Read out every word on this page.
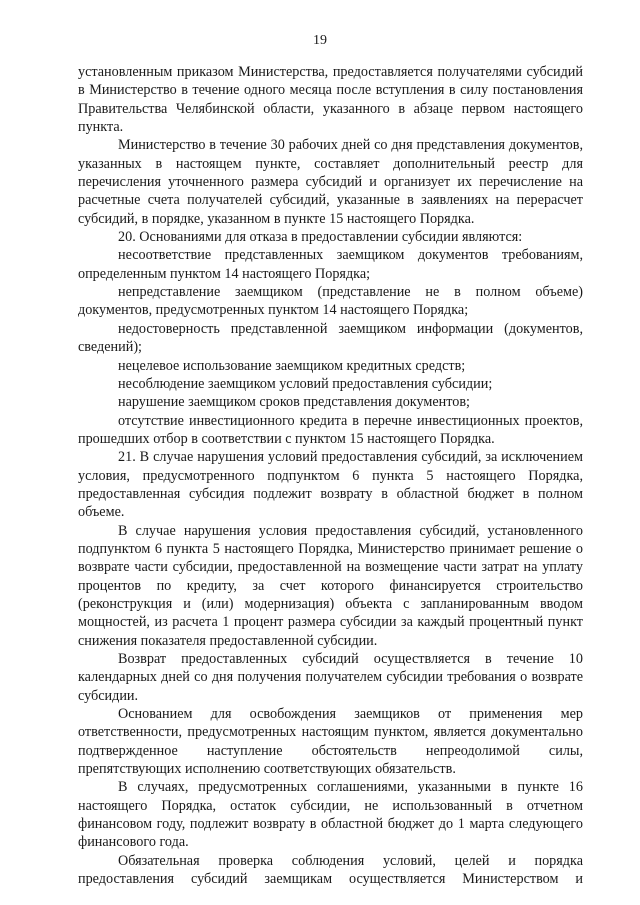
19

установленным приказом Министерства, предоставляется получателями субсидий в Министерство в течение одного месяца после вступления в силу постановления Правительства Челябинской области, указанного в абзаце первом настоящего пункта.

Министерство в течение 30 рабочих дней со дня представления документов, указанных в настоящем пункте, составляет дополнительный реестр для перечисления уточненного размера субсидий и организует их перечисление на расчетные счета получателей субсидий, указанные в заявлениях на перерасчет субсидий, в порядке, указанном в пункте 15 настоящего Порядка.

20. Основаниями для отказа в предоставлении субсидии являются:

несоответствие представленных заемщиком документов требованиям, определенным пунктом 14 настоящего Порядка;

непредставление заемщиком (представление не в полном объеме) документов, предусмотренных пунктом 14 настоящего Порядка;

недостоверность представленной заемщиком информации (документов, сведений);

нецелевое использование заемщиком кредитных средств;

несоблюдение заемщиком условий предоставления субсидии;

нарушение заемщиком сроков представления документов;

отсутствие инвестиционного кредита в перечне инвестиционных проектов, прошедших отбор в соответствии с пунктом 15 настоящего Порядка.

21. В случае нарушения условий предоставления субсидий, за исключением условия, предусмотренного подпунктом 6 пункта 5 настоящего Порядка, предоставленная субсидия подлежит возврату в областной бюджет в полном объеме.

В случае нарушения условия предоставления субсидий, установленного подпунктом 6 пункта 5 настоящего Порядка, Министерство принимает решение о возврате части субсидии, предоставленной на возмещение части затрат на уплату процентов по кредиту, за счет которого финансируется строительство (реконструкция и (или) модернизация) объекта с запланированным вводом мощностей, из расчета 1 процент размера субсидии за каждый процентный пункт снижения показателя предоставленной субсидии.

Возврат предоставленных субсидий осуществляется в течение 10 календарных дней со дня получения получателем субсидии требования о возврате субсидии.

Основанием для освобождения заемщиков от применения мер ответственности, предусмотренных настоящим пунктом, является документально подтвержденное наступление обстоятельств непреодолимой силы, препятствующих исполнению соответствующих обязательств.

В случаях, предусмотренных соглашениями, указанными в пункте 16 настоящего Порядка, остаток субсидии, не использованный в отчетном финансовом году, подлежит возврату в областной бюджет до 1 марта следующего финансового года.

Обязательная проверка соблюдения условий, целей и порядка предоставления субсидий заемщикам осуществляется Министерством и
